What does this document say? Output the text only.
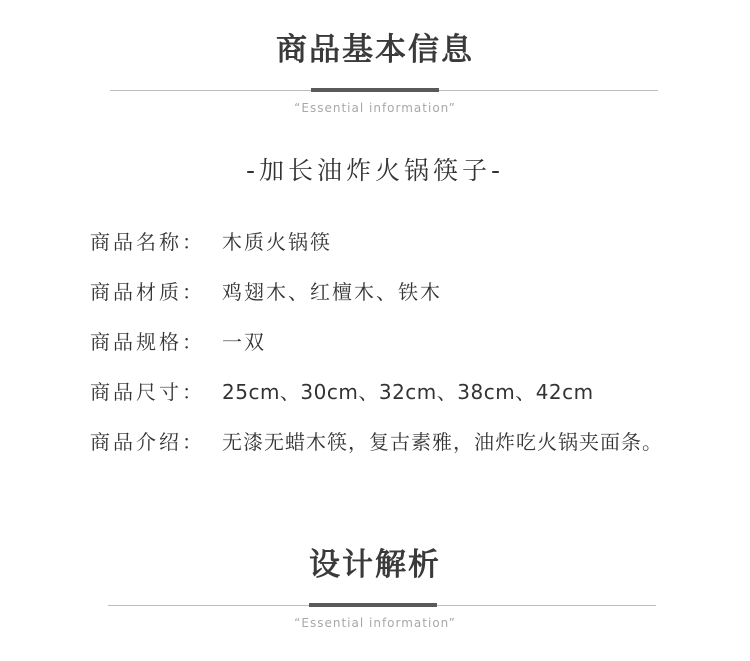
商品基本信息
“Essential information”
-加长油炸火锅筷子-
商品名称： 木质火锅筷
商品材质： 鸡翅木、红檀木、铁木
商品规格： 一双
商品尺寸： 25cm、30cm、32cm、38cm、42cm
商品介绍： 无漆无蜡木筷，复古素雅，油炸吃火锅夹面条。
设计解析
“Essential information”
